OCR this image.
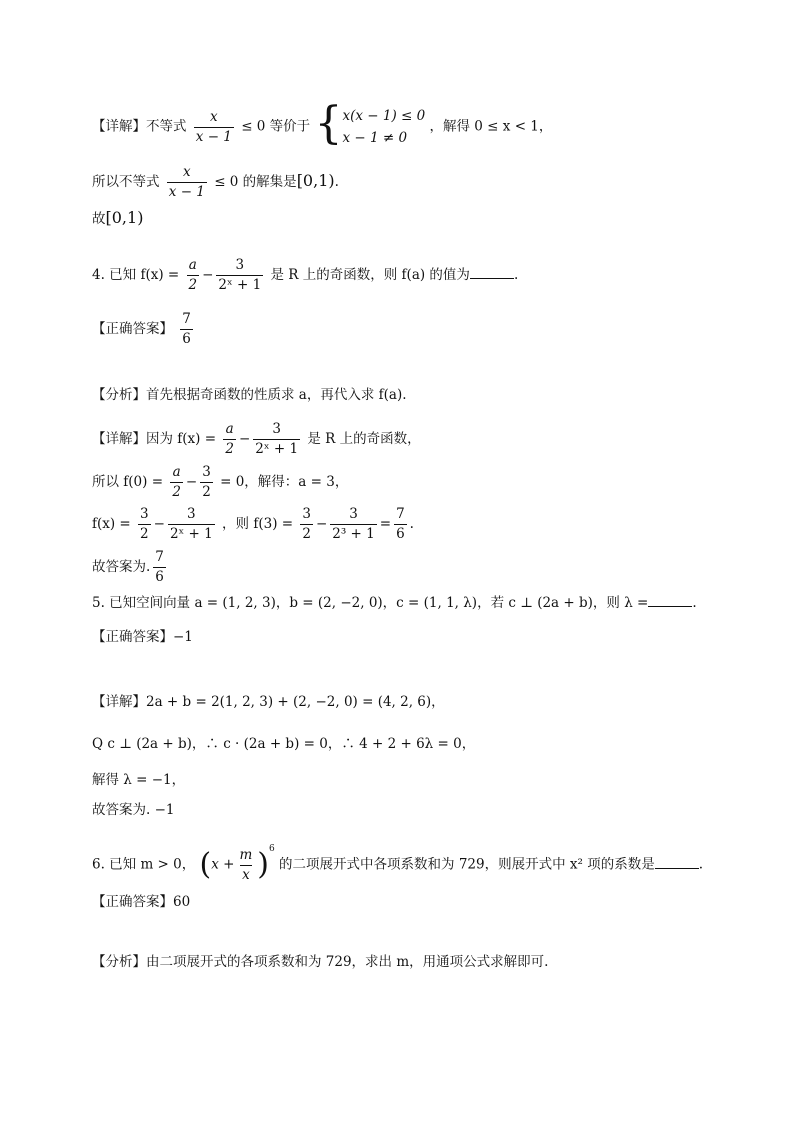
【详解】不等式 $\frac{x}{x - 1} \le 0$ 等价于 { x(x − 1) ≤ 0
x − 1 ≠ 0
，解得 0 ≤ x < 1，
所以不等式 $\frac{x}{x - 1} \le 0$ 的解集是[0,1).
故[0,1)
4. 已知 $f(x) = \frac{a}{2} - \frac{3}{\text{2ˣ + 1}}$ 是 R 上的奇函数，则 f(a) 的值为	.
【正确答案】 $\frac{7}{6}$
【分析】首先根据奇函数的性质求 a，再代入求 f(a).
【详解】因为 $f(x) = \frac{a}{2} - \frac{3}{\text{2ˣ + 1}}$ 是 R 上的奇函数，
所以 $f(0) = \frac{a}{2} - \frac{3}{2} = 0$，解得：a = 3，
$f(x) = \frac{3}{2} - \frac{3}{\text{2ˣ + 1}}$ ，则 $f(3) = \frac{3}{2} - \frac{3}{\text{2³ + 1}} = \frac{7}{6}$ .
故答案为. $\frac{7}{6}$
5. 已知空间向量 a = (1, 2, 3)，b = (2, −2, 0)，c = (1, 1, λ)，若 c ⊥ (2a + b)，则 λ =	.
【正确答案】−1
【详解】2a + b = 2(1, 2, 3) + (2, −2, 0) = (4, 2, 6)，
Q c ⊥ (2a + b)，∴ c · (2a + b) = 0，∴ 4 + 2 + 6λ = 0，
解得 λ = −1，
故答案为. −1
6. 已知 m > 0， $(x + \frac{m}{x} )^6$ 的二项展开式中各项系数和为 729，则展开式中 x² 项的系数是	.
【正确答案】60
【分析】由二项展开式的各项系数和为 729，求出 m，用通项公式求解即可.
